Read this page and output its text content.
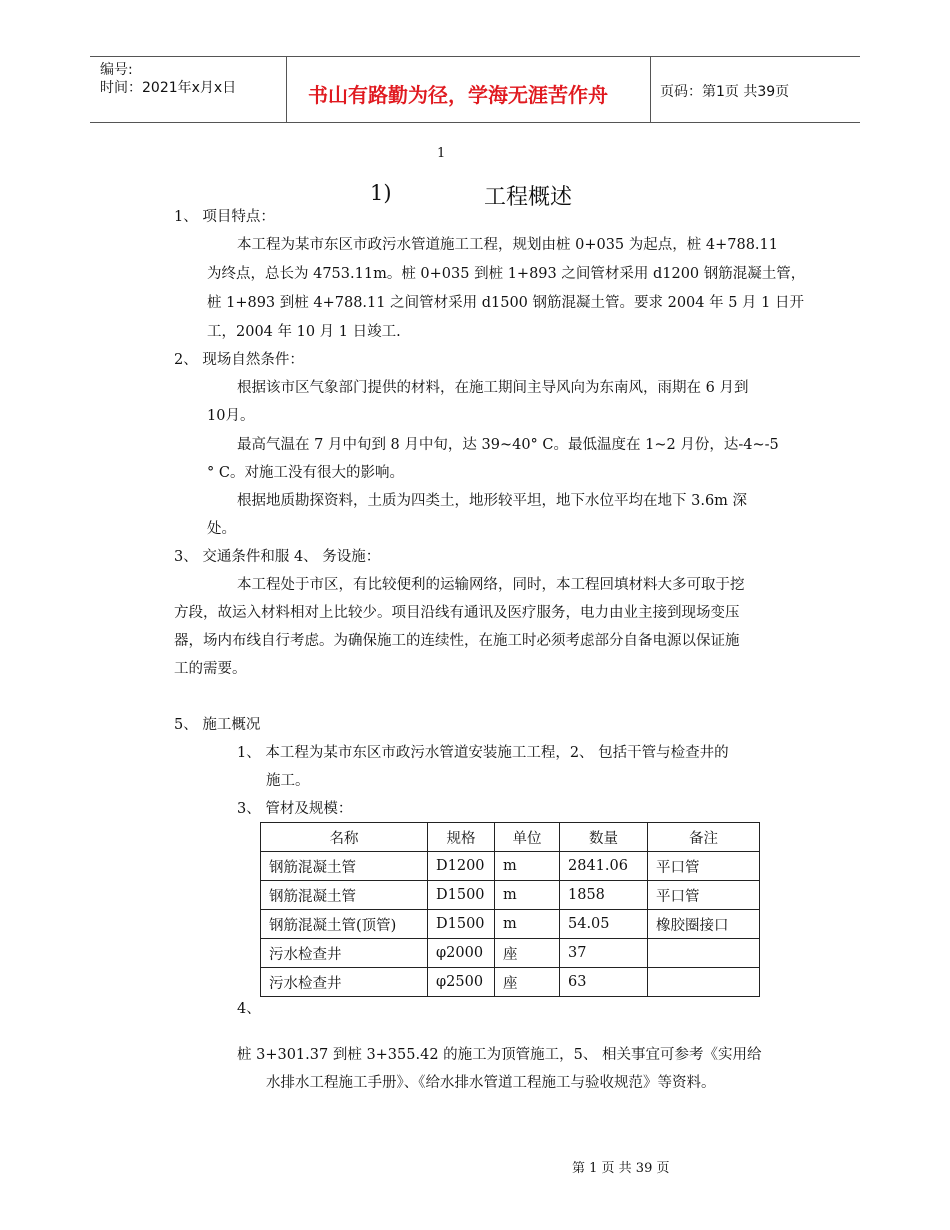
编号:
时间：2021年x月x日	书山有路勤为径，学海无涯苦作舟	页码：第1页 共39页
1
1)	工程概述
1、 项目特点：
本工程为某市东区市政污水管道施工工程，规划由桩 0+035 为起点，桩 4+788.11
为终点，总长为 4753.11m。桩 0+035 到桩 1+893 之间管材采用 d1200 钢筋混凝土管，
桩 1+893 到桩 4+788.11 之间管材采用 d1500 钢筋混凝土管。要求 2004 年 5 月 1 日开
工，2004 年 10 月 1 日竣工.
2、 现场自然条件：
根据该市区气象部门提供的材料，在施工期间主导风向为东南风，雨期在 6 月到
10月。
最高气温在 7 月中旬到 8 月中旬，达 39~40° C。最低温度在 1~2 月份，达-4~-5
° C。对施工没有很大的影响。
根据地质勘探资料，土质为四类土，地形较平坦，地下水位平均在地下 3.6m 深
处。
3、 交通条件和服 4、 务设施：
本工程处于市区，有比较便利的运输网络，同时，本工程回填材料大多可取于挖
方段，故运入材料相对上比较少。项目沿线有通讯及医疗服务，电力由业主接到现场变压
器，场内布线自行考虑。为确保施工的连续性，在施工时必须考虑部分自备电源以保证施
工的需要。
5、 施工概况
1、 本工程为某市东区市政污水管道安装施工工程，2、 包括干管与检查井的
施工。
3、 管材及规模：
名称	规格	单位	数量	备注
钢筋混凝土管	D1200	m	2841.06	平口管
钢筋混凝土管	D1500	m	1858	平口管
钢筋混凝土管(顶管)	D1500	m	54.05	橡胶圈接口
污水检查井	φ2000	座	37	
污水检查井	φ2500	座	63	
4、
桩 3+301.37 到桩 3+355.42 的施工为顶管施工，5、 相关事宜可参考《实用给
水排水工程施工手册》、《给水排水管道工程施工与验收规范》等资料。
第 1 页 共 39 页
